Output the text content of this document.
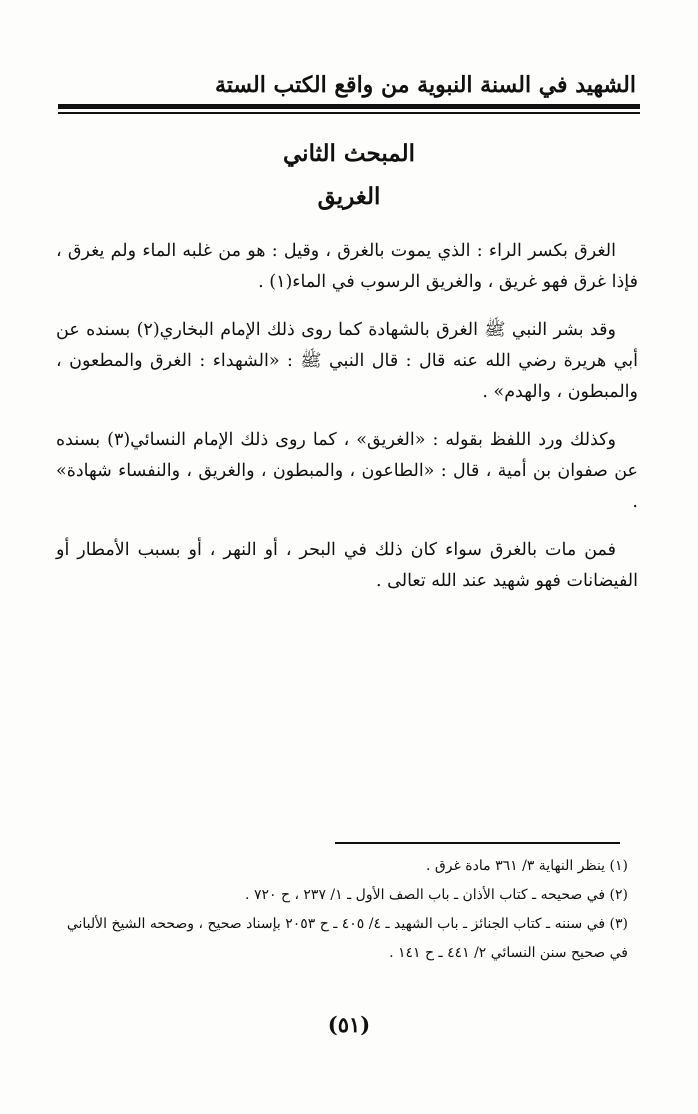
الشهيد في السنة النبوية من واقع الكتب الستة
المبحث الثاني
الغريق

الغرق بكسر الراء : الذي يموت بالغرق ، وقيل : هو من غلبه الماء ولم يغرق ، فإذا غرق فهو غريق ، والغريق الرسوب في الماء(١) .

وقد بشر النبي ﷺ الغرق بالشهادة كما روى ذلك الإمام البخاري(٢) بسنده عن أبي هريرة رضي الله عنه قال : قال النبي ﷺ : «الشهداء : الغرق والمطعون ، والمبطون ، والهدم» .

وكذلك ورد اللفظ بقوله : «الغريق» ، كما روى ذلك الإمام النسائي(٣) بسنده عن صفوان بن أمية ، قال : «الطاعون ، والمبطون ، والغريق ، والنفساء شهادة» .

فمن مات بالغرق سواء كان ذلك في البحر ، أو النهر ، أو بسبب الأمطار أو الفيضانات فهو شهيد عند الله تعالى .

(١) ينظر النهاية ٣/ ٣٦١ مادة غرق .
(٢) في صحيحه ـ كتاب الأذان ـ باب الصف الأول ـ ١/ ٢٣٧ ، ح ٧٢٠ .
(٣) في سننه ـ كتاب الجنائز ـ باب الشهيد ـ ٤/ ٤٠٥ ـ ح ٢٠٥٣ بإسناد صحيح ، وصححه الشيخ الألباني في صحيح سنن النسائي ٢/ ٤٤١ ـ ح ١٤١ .
(٥١)
